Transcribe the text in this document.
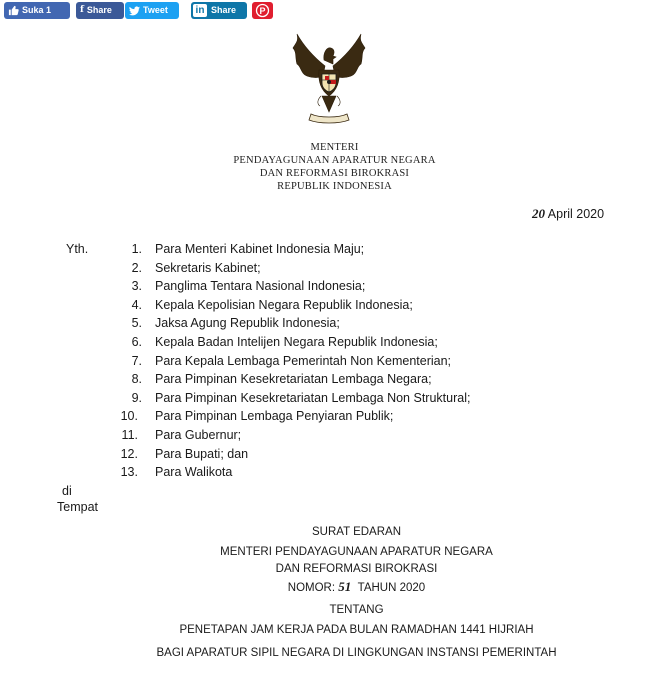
Suka 1	f Share	Tweet	in Share	P
MENTERI
PENDAYAGUNAAN APARATUR NEGARA
DAN REFORMASI BIROKRASI
REPUBLIK INDONESIA
20 April 2020
Yth.	1. Para Menteri Kabinet Indonesia Maju;
2. Sekretaris Kabinet;
3. Panglima Tentara Nasional Indonesia;
4. Kepala Kepolisian Negara Republik Indonesia;
5. Jaksa Agung Republik Indonesia;
6. Kepala Badan Intelijen Negara Republik Indonesia;
7. Para Kepala Lembaga Pemerintah Non Kementerian;
8. Para Pimpinan Kesekretariatan Lembaga Negara;
9. Para Pimpinan Kesekretariatan Lembaga Non Struktural;
10. Para Pimpinan Lembaga Penyiaran Publik;
11. Para Gubernur;
12. Para Bupati; dan
13. Para Walikota
di
Tempat
SURAT EDARAN
MENTERI PENDAYAGUNAAN APARATUR NEGARA
DAN REFORMASI BIROKRASI
NOMOR: 51 TAHUN 2020
TENTANG
PENETAPAN JAM KERJA PADA BULAN RAMADHAN 1441 HIJRIAH
BAGI APARATUR SIPIL NEGARA DI LINGKUNGAN INSTANSI PEMERINTAH
